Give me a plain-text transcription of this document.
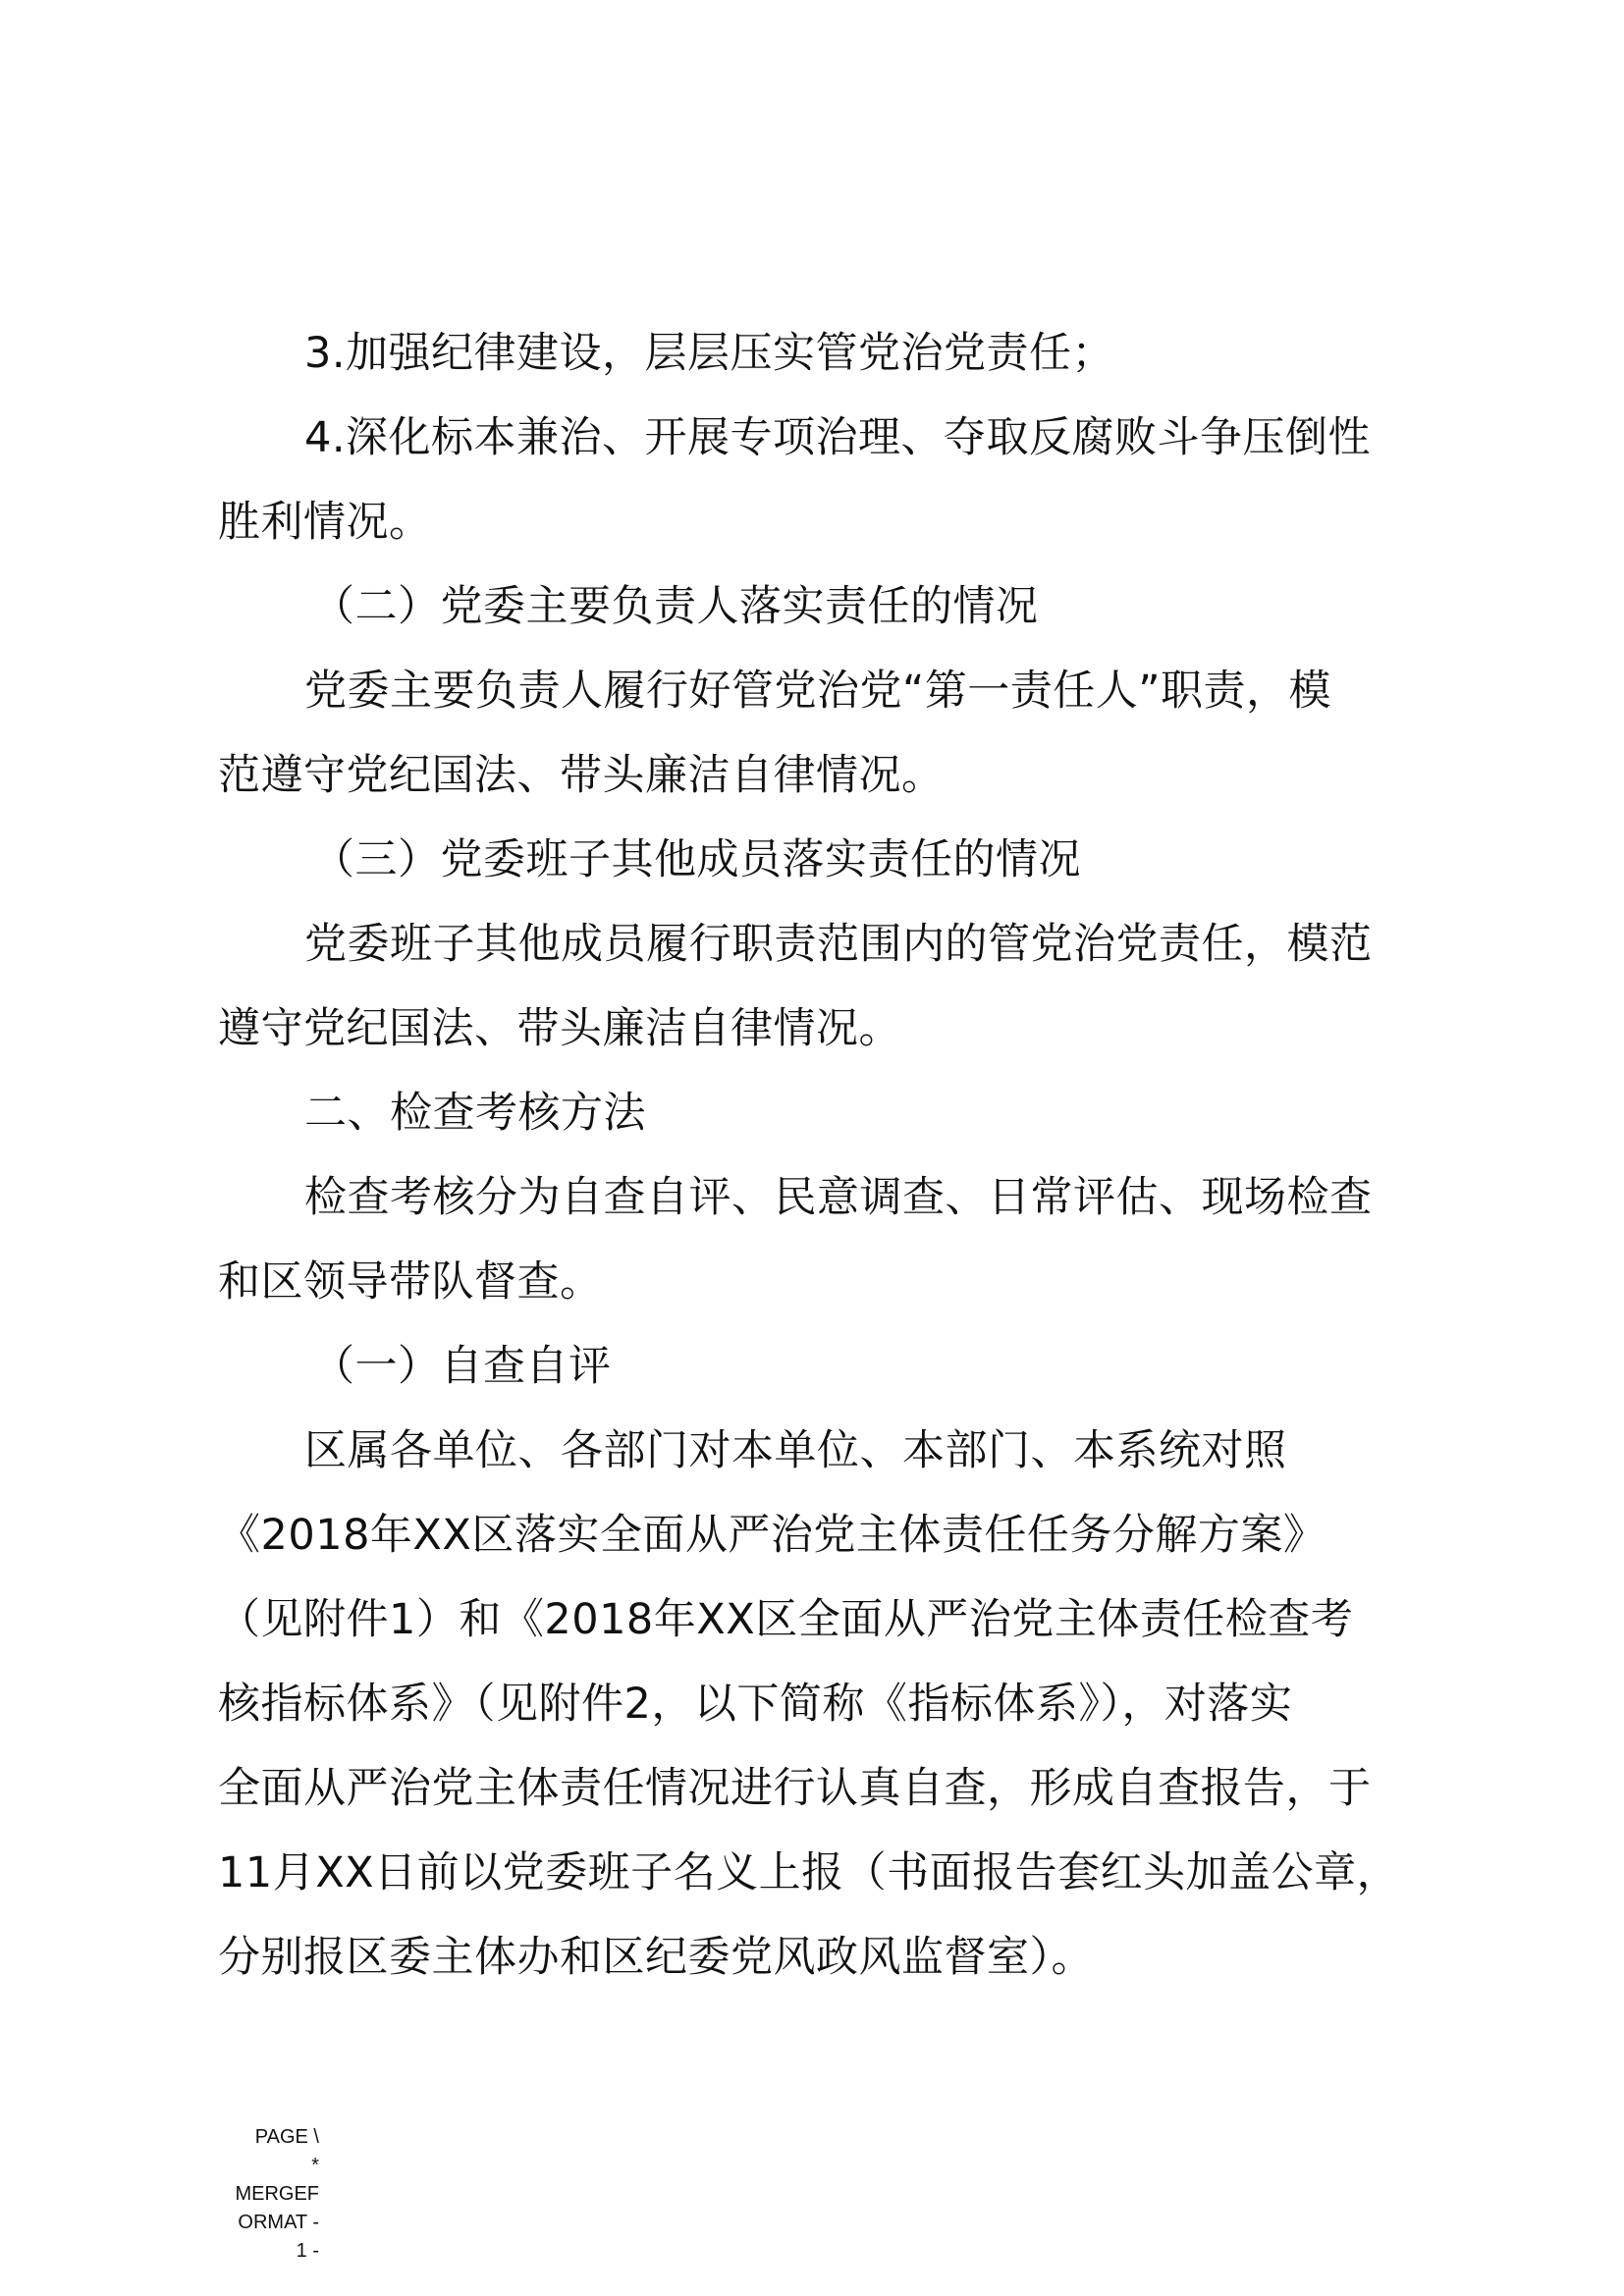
3.加强纪律建设，层层压实管党治党责任；
4.深化标本兼治、开展专项治理、夺取反腐败斗争压倒性
胜利情况。
（二）党委主要负责人落实责任的情况
党委主要负责人履行好管党治党“第一责任人”职责，模
范遵守党纪国法、带头廉洁自律情况。
（三）党委班子其他成员落实责任的情况
党委班子其他成员履行职责范围内的管党治党责任，模范
遵守党纪国法、带头廉洁自律情况。
二、检查考核方法
检查考核分为自查自评、民意调查、日常评估、现场检查
和区领导带队督查。
（一）自查自评
区属各单位、各部门对本单位、本部门、本系统对照
《2018年XX区落实全面从严治党主体责任任务分解方案》
（见附件1）和《2018年XX区全面从严治党主体责任检查考
核指标体系》（见附件2，以下简称《指标体系》），对落实
全面从严治党主体责任情况进行认真自查，形成自查报告，于
11月XX日前以党委班子名义上报（书面报告套红头加盖公章，
分别报区委主体办和区纪委党风政风监督室）。
PAGE \
*
MERGEF
ORMAT -
1 -
